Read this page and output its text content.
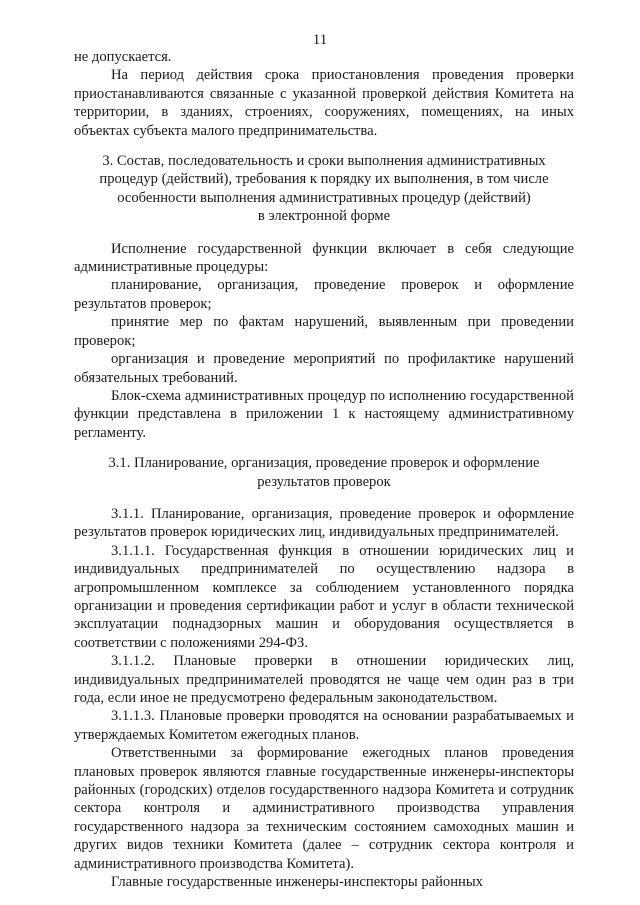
11

не допускается.

На период действия срока приостановления проведения проверки приостанавливаются связанные с указанной проверкой действия Комитета на территории, в зданиях, строениях, сооружениях, помещениях, на иных объектах субъекта малого предпринимательства.

3. Состав, последовательность и сроки выполнения административных
процедур (действий), требования к порядку их выполнения, в том числе
особенности выполнения административных процедур (действий)
в электронной форме

Исполнение государственной функции включает в себя следующие административные процедуры:

планирование, организация, проведение проверок и оформление результатов проверок;

принятие мер по фактам нарушений, выявленным при проведении проверок;

организация и проведение мероприятий по профилактике нарушений обязательных требований.

Блок-схема административных процедур по исполнению государственной функции представлена в приложении 1 к настоящему административному регламенту.

3.1. Планирование, организация, проведение проверок и оформление
результатов проверок

3.1.1. Планирование, организация, проведение проверок и оформление результатов проверок юридических лиц, индивидуальных предпринимателей.

3.1.1.1. Государственная функция в отношении юридических лиц и индивидуальных предпринимателей по осуществлению надзора в агропромышленном комплексе за соблюдением установленного порядка организации и проведения сертификации работ и услуг в области технической эксплуатации поднадзорных машин и оборудования осуществляется в соответствии с положениями 294-ФЗ.

3.1.1.2. Плановые проверки в отношении юридических лиц, индивидуальных предпринимателей проводятся не чаще чем один раз в три года, если иное не предусмотрено федеральным законодательством.

3.1.1.3. Плановые проверки проводятся на основании разрабатываемых и утверждаемых Комитетом ежегодных планов.

Ответственными за формирование ежегодных планов проведения плановых проверок являются главные государственные инженеры-инспекторы районных (городских) отделов государственного надзора Комитета и сотрудник сектора контроля и административного производства управления государственного надзора за техническим состоянием самоходных машин и других видов техники Комитета (далее – сотрудник сектора контроля и административного производства Комитета).

Главные государственные инженеры-инспекторы районных
